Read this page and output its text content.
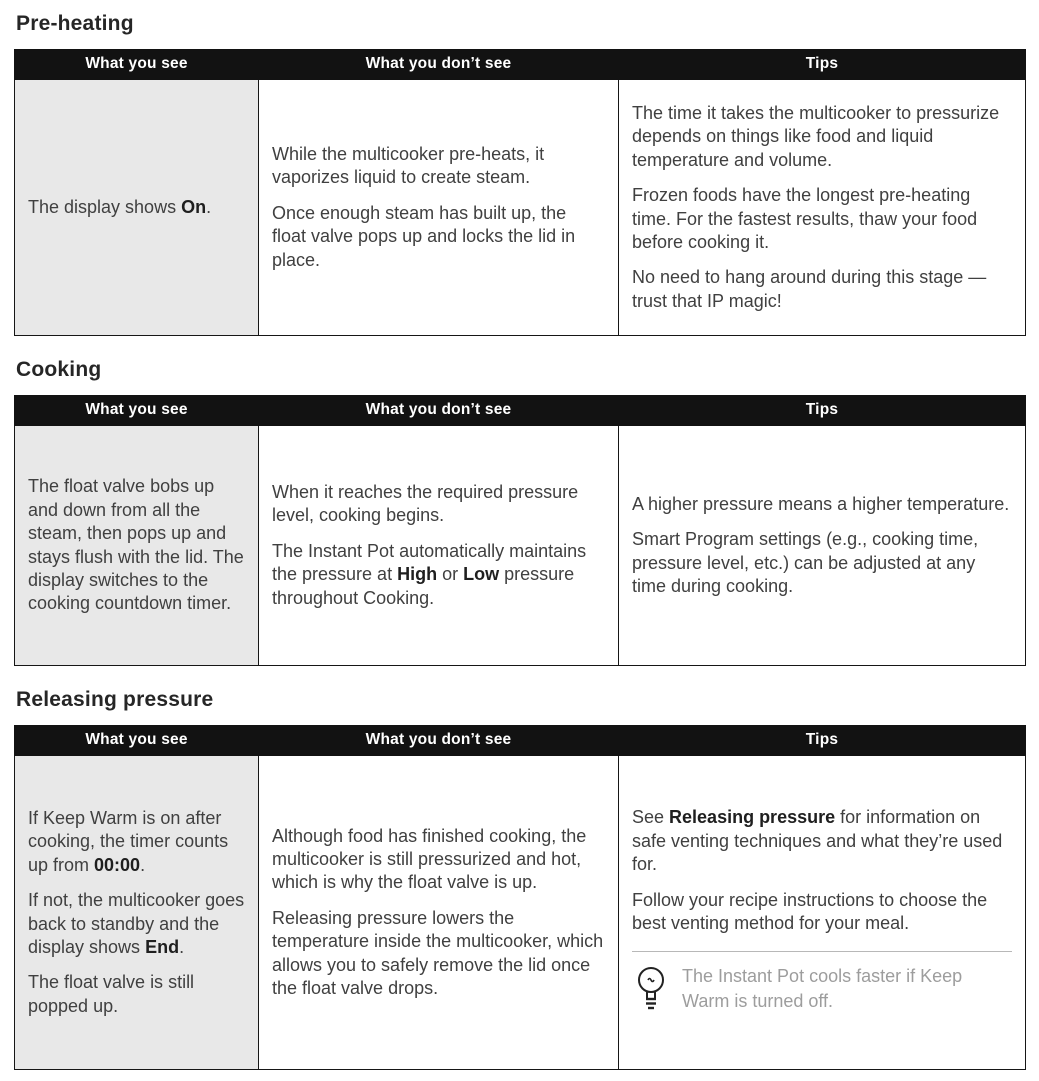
Pre-heating
What you see	What you don’t see	Tips

The display shows On.

While the multicooker pre-heats, it vaporizes liquid to create steam.

Once enough steam has built up, the float valve pops up and locks the lid in place.

The time it takes the multicooker to pressurize depends on things like food and liquid temperature and volume.

Frozen foods have the longest pre-heating time. For the fastest results, thaw your food before cooking it.

No need to hang around during this stage — trust that IP magic!

Cooking
What you see	What you don’t see	Tips

The float valve bobs up and down from all the steam, then pops up and stays flush with the lid. The display switches to the cooking countdown timer.

When it reaches the required pressure level, cooking begins.

The Instant Pot automatically maintains the pressure at High or Low pressure throughout Cooking.

A higher pressure means a higher temperature.

Smart Program settings (e.g., cooking time, pressure level, etc.) can be adjusted at any time during cooking.

Releasing pressure
What you see	What you don’t see	Tips

If Keep Warm is on after cooking, the timer counts up from 00:00.

If not, the multicooker goes back to standby and the display shows End.

The float valve is still popped up.

Although food has finished cooking, the multicooker is still pressurized and hot, which is why the float valve is up.

Releasing pressure lowers the temperature inside the multicooker, which allows you to safely remove the lid once the float valve drops.

See Releasing pressure for information on safe venting techniques and what they’re used for.

Follow your recipe instructions to choose the best venting method for your meal.

The Instant Pot cools faster if Keep Warm is turned off.
